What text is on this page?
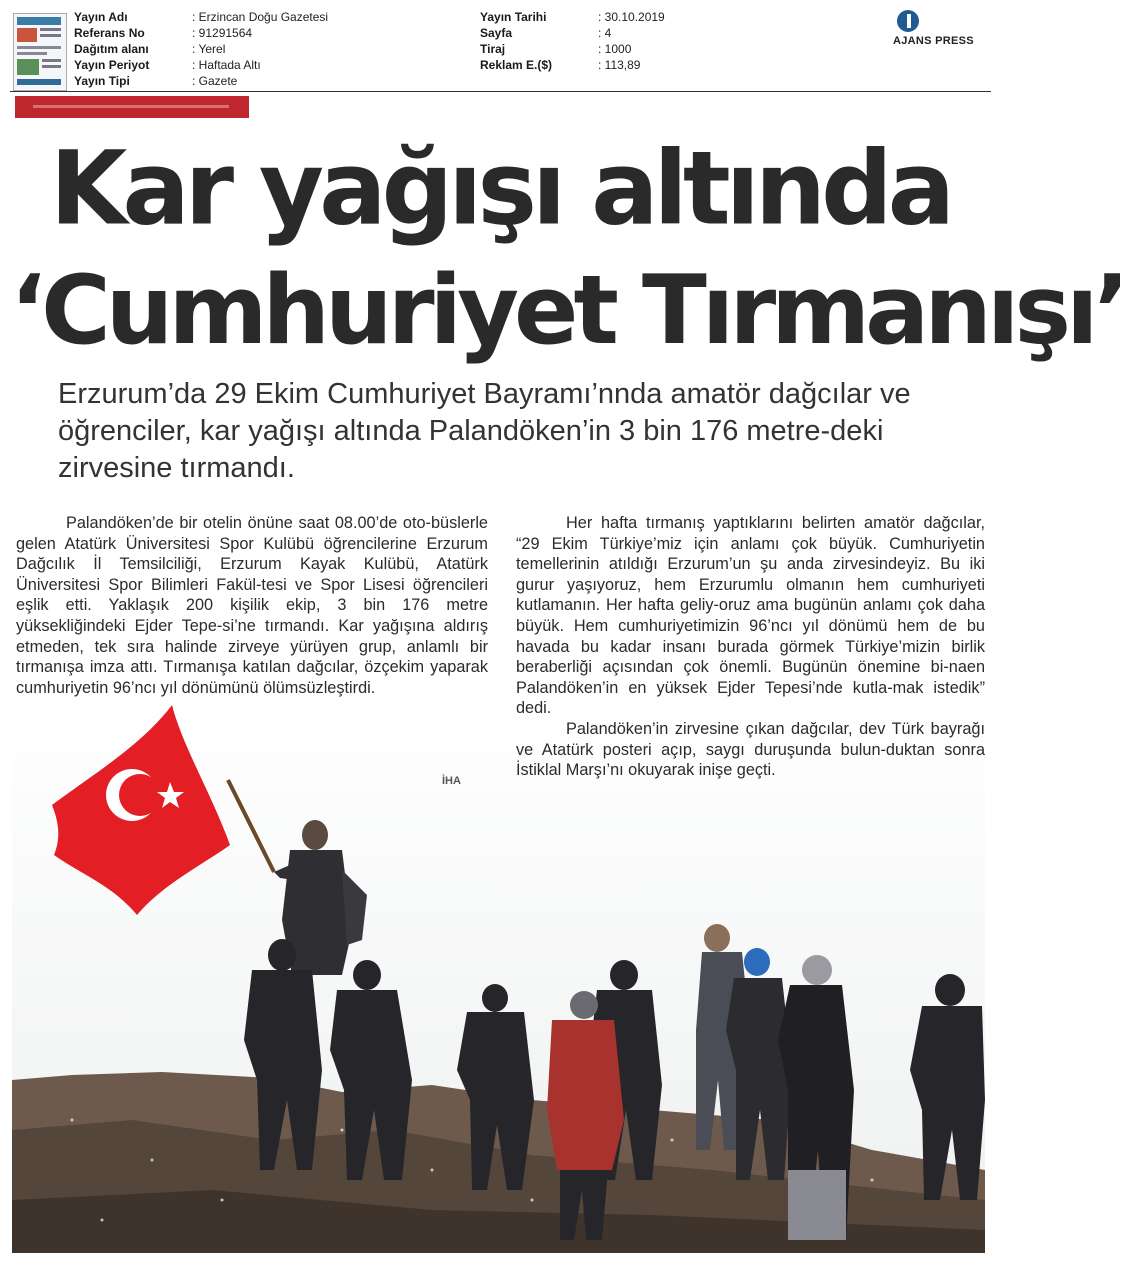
Yayın Adı	: Erzincan Doğu Gazetesi
Referans No	: 91291564
Dağıtım alanı	: Yerel
Yayın Periyot	: Haftada Altı
Yayın Tipi	: Gazete
Yayın Tarihi	: 30.10.2019
Sayfa	: 4
Tiraj	: 1000
Reklam E.($)	: 113,89
AJANS PRESS
Kar yağışı altında
‘Cumhuriyet Tırmanışı’

Erzurum’da 29 Ekim Cumhuriyet Bayramı’nnda amatör dağcılar ve öğrenciler, kar yağışı altında Palandöken’in 3 bin 176 metre-deki zirvesine tırmandı.

İHA

Palandöken’de bir otelin önüne saat 08.00’de oto-büslerle gelen Atatürk Üniversitesi Spor Kulübü öğrencilerine Erzurum Dağcılık İl Temsilciliği, Erzurum Kayak Kulübü, Atatürk Üniversitesi Spor Bilimleri Fakül-tesi ve Spor Lisesi öğrencileri eşlik etti. Yaklaşık 200 kişilik ekip, 3 bin 176 metre yüksekliğindeki Ejder Tepe-si’ne tırmandı. Kar yağışına aldırış etmeden, tek sıra halinde zirveye yürüyen grup, anlamlı bir tırmanışa imza attı. Tırmanışa katılan dağcılar, özçekim yaparak cumhuriyetin 96’ncı yıl dönümünü ölümsüzleştirdi.

Her hafta tırmanış yaptıklarını belirten amatör dağcılar, “29 Ekim Türkiye’miz için anlamı çok büyük. Cumhuriyetin temellerinin atıldığı Erzurum’un şu anda zirvesindeyiz. Bu iki gurur yaşıyoruz, hem Erzurumlu olmanın hem cumhuriyeti kutlamanın. Her hafta geliy-oruz ama bugünün anlamı çok daha büyük. Hem cumhuriyetimizin 96’ncı yıl dönümü hem de bu havada bu kadar insanı burada görmek Türkiye’mizin birlik beraberliği açısından çok önemli. Bugünün önemine bi-naen Palandöken’in en yüksek Ejder Tepesi’nde kutla-mak istedik” dedi.

Palandöken’in zirvesine çıkan dağcılar, dev Türk bayrağı ve Atatürk posteri açıp, saygı duruşunda bulun-duktan sonra İstiklal Marşı’nı okuyarak inişe geçti.
